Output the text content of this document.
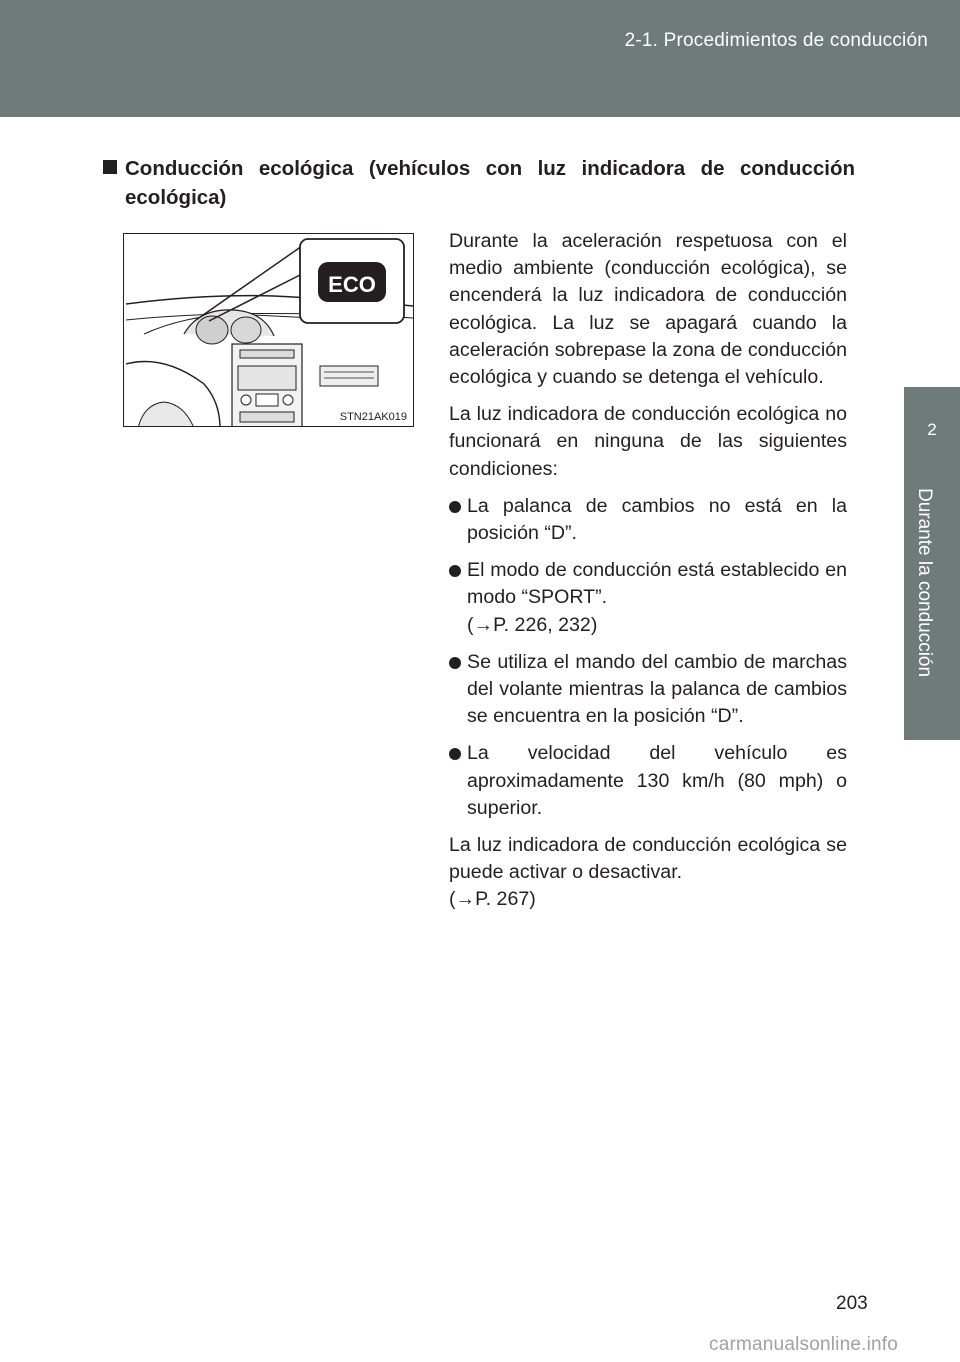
2-1. Procedimientos de conducción
2
Durante la conducción
Conducción ecológica (vehículos con luz indicadora de conducción ecológica)
ECO
STN21AK019

Durante la aceleración respetuosa con el medio ambiente (conducción ecológica), se encenderá la luz indicadora de conducción ecológica. La luz se apagará cuando la aceleración sobrepase la zona de conducción ecológica y cuando se detenga el vehículo.

La luz indicadora de conducción ecológica no funcionará en ninguna de las siguientes condiciones:

La palanca de cambios no está en la posición “D”.
El modo de conducción está establecido en modo “SPORT”.
(→P. 226, 232)
Se utiliza el mando del cambio de marchas del volante mientras la palanca de cambios se encuentra en la posición “D”.
La velocidad del vehículo es aproximadamente 130 km/h (80 mph) o superior.

La luz indicadora de conducción ecológica se puede activar o desactivar.
(→P. 267)

203
carmanualsonline.info
